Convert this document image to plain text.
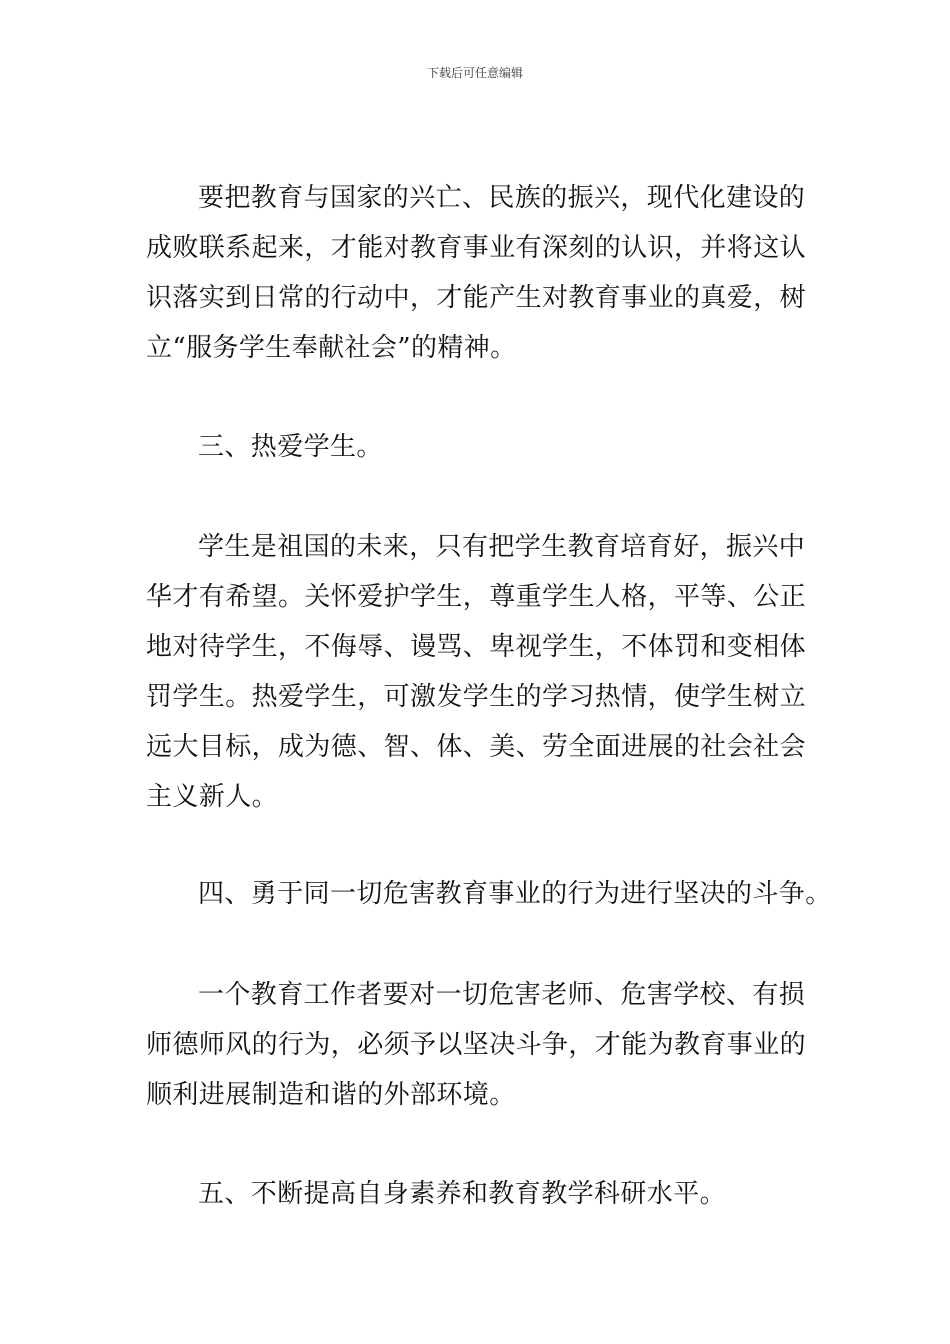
下载后可任意编辑
要把教育与国家的兴亡、民族的振兴，现代化建设的
成败联系起来，才能对教育事业有深刻的认识，并将这认
识落实到日常的行动中，才能产生对教育事业的真爱，树
立“服务学生奉献社会”的精神。
三、热爱学生。
学生是祖国的未来，只有把学生教育培育好，振兴中
华才有希望。关怀爱护学生，尊重学生人格，平等、公正
地对待学生，不侮辱、谩骂、卑视学生，不体罚和变相体
罚学生。热爱学生，可激发学生的学习热情，使学生树立
远大目标，成为德、智、体、美、劳全面进展的社会社会
主义新人。
四、勇于同一切危害教育事业的行为进行坚决的斗争。
一个教育工作者要对一切危害老师、危害学校、有损
师德师风的行为，必须予以坚决斗争，才能为教育事业的
顺利进展制造和谐的外部环境。
五、不断提高自身素养和教育教学科研水平。
